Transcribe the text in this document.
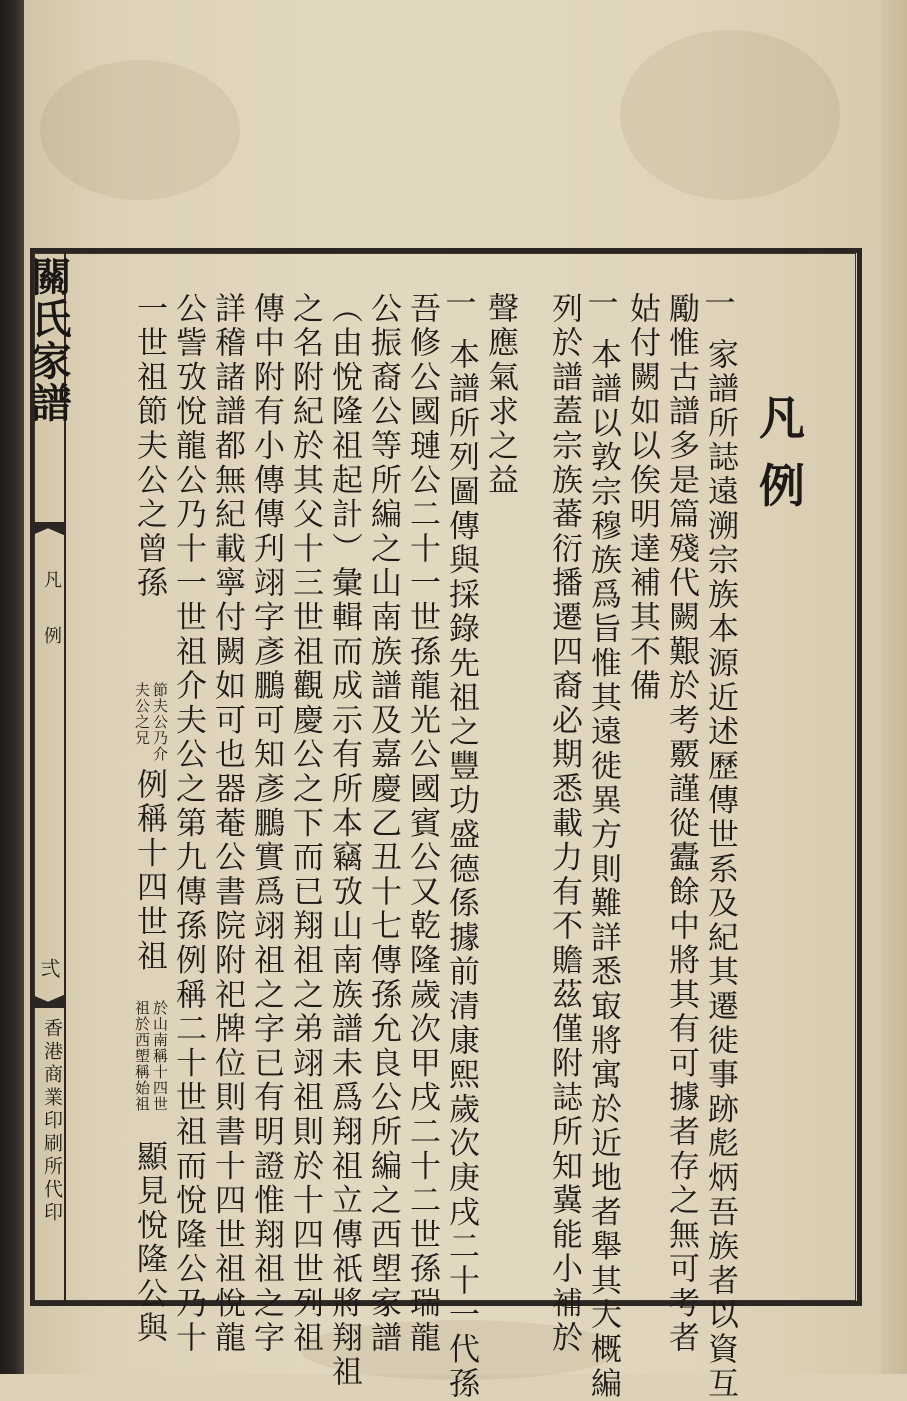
關氏家譜
凡　例
弍
香港商業印刷所代印
凡
例
一
一
一
家譜所誌遠溯宗族本源近述歷傳世系及紀其遷徙事跡彪炳吾族者以資互
勵惟古譜多是篇殘代闕艱於考覈謹從蠹餘中將其有可據者存之無可考者
姑付闕如以俟明達補其不備
本譜以敦宗穆族爲旨惟其遠徙異方則難詳悉㝡將寓於近地者舉其大概編
列於譜蓋宗族蕃衍播遷四裔必期悉載力有不贍茲僅附誌所知冀能小補於
聲應氣求之益
本譜所列圖傳與採錄先祖之豐功盛德係據前清康熙歲次庚戌二十一代孫
吾修公國璉公二十一世孫龍光公國賓公又乾隆歲次甲戌二十二世孫瑞龍
公振裔公等所編之山南族譜及嘉慶乙丑十七傳孫允良公所編之西塱家譜
（由悅隆祖起計）彙輯而成示有所本竊攷山南族譜未爲翔祖立傳祇將翔祖
之名附紀於其父十三世祖觀慶公之下而已翔祖之弟翊祖則於十四世列祖
傳中附有小傳傳刋翊字彥鵬可知彥鵬實爲翊祖之字已有明證惟翔祖之字
詳稽諸譜都無紀載寧付闕如可也器菴公書院附祀牌位則書十四世祖悅龍
公訾攷悅龍公乃十一世祖介夫公之第九傳孫例稱二十世祖而悅隆公乃十
一世祖節夫公之曾孫
節夫公乃介
夫公之兄
例稱十四世祖
於山南稱十四世
祖於西塱稱始祖
顯見悅隆公與
